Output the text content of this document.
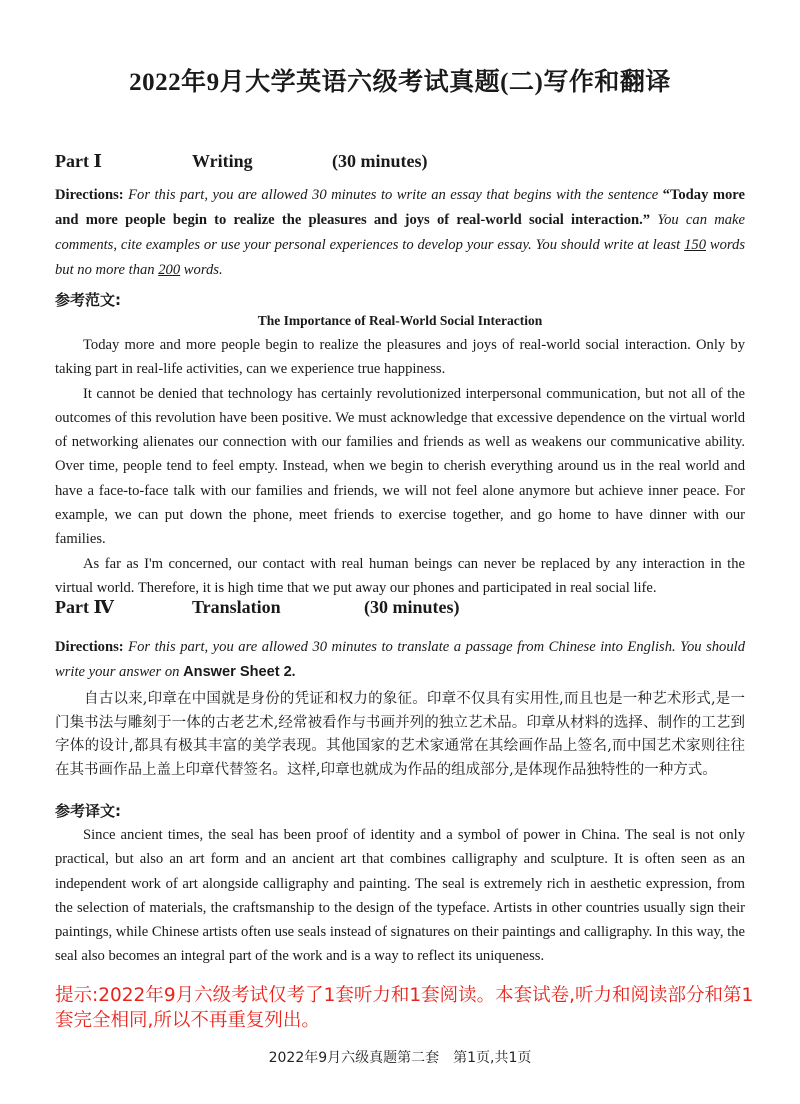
2022年9月大学英语六级考试真题(二)写作和翻译
Part Ⅰ	Writing	(30 minutes)
Directions: For this part, you are allowed 30 minutes to write an essay that begins with the sentence “Today more and more people begin to realize the pleasures and joys of real-world social interaction.” You can make comments, cite examples or use your personal experiences to develop your essay. You should write at least 150 words but no more than 200 words.
参考范文:
The Importance of Real-World Social Interaction

Today more and more people begin to realize the pleasures and joys of real-world social interaction. Only by taking part in real-life activities, can we experience true happiness.

It cannot be denied that technology has certainly revolutionized interpersonal communication, but not all of the outcomes of this revolution have been positive. We must acknowledge that excessive dependence on the virtual world of networking alienates our connection with our families and friends as well as weakens our communicative ability. Over time, people tend to feel empty. Instead, when we begin to cherish everything around us in the real world and have a face-to-face talk with our families and friends, we will not feel alone anymore but achieve inner peace. For example, we can put down the phone, meet friends to exercise together, and go home to have dinner with our families.

As far as I'm concerned, our contact with real human beings can never be replaced by any interaction in the virtual world. Therefore, it is high time that we put away our phones and participated in real social life.

Part Ⅳ	Translation	(30 minutes)
Directions: For this part, you are allowed 30 minutes to translate a passage from Chinese into English. You should write your answer on Answer Sheet 2.
自古以来,印章在中国就是身份的凭证和权力的象征。印章不仅具有实用性,而且也是一种艺术形式,是一门集书法与雕刻于一体的古老艺术,经常被看作与书画并列的独立艺术品。印章从材料的选择、制作的工艺到字体的设计,都具有极其丰富的美学表现。其他国家的艺术家通常在其绘画作品上签名,而中国艺术家则往往在其书画作品上盖上印章代替签名。这样,印章也就成为作品的组成部分,是体现作品独特性的一种方式。
参考译文:

Since ancient times, the seal has been proof of identity and a symbol of power in China. The seal is not only practical, but also an art form and an ancient art that combines calligraphy and sculpture. It is often seen as an independent work of art alongside calligraphy and painting. The seal is extremely rich in aesthetic expression, from the selection of materials, the craftsmanship to the design of the typeface. Artists in other countries usually sign their paintings, while Chinese artists often use seals instead of signatures on their paintings and calligraphy. In this way, the seal also becomes an integral part of the work and is a way to reflect its uniqueness.

提示:2022年9月六级考试仅考了1套听力和1套阅读。本套试卷,听力和阅读部分和第1套完全相同,所以不再重复列出。
2022年9月六级真题第二套　第1页,共1页
